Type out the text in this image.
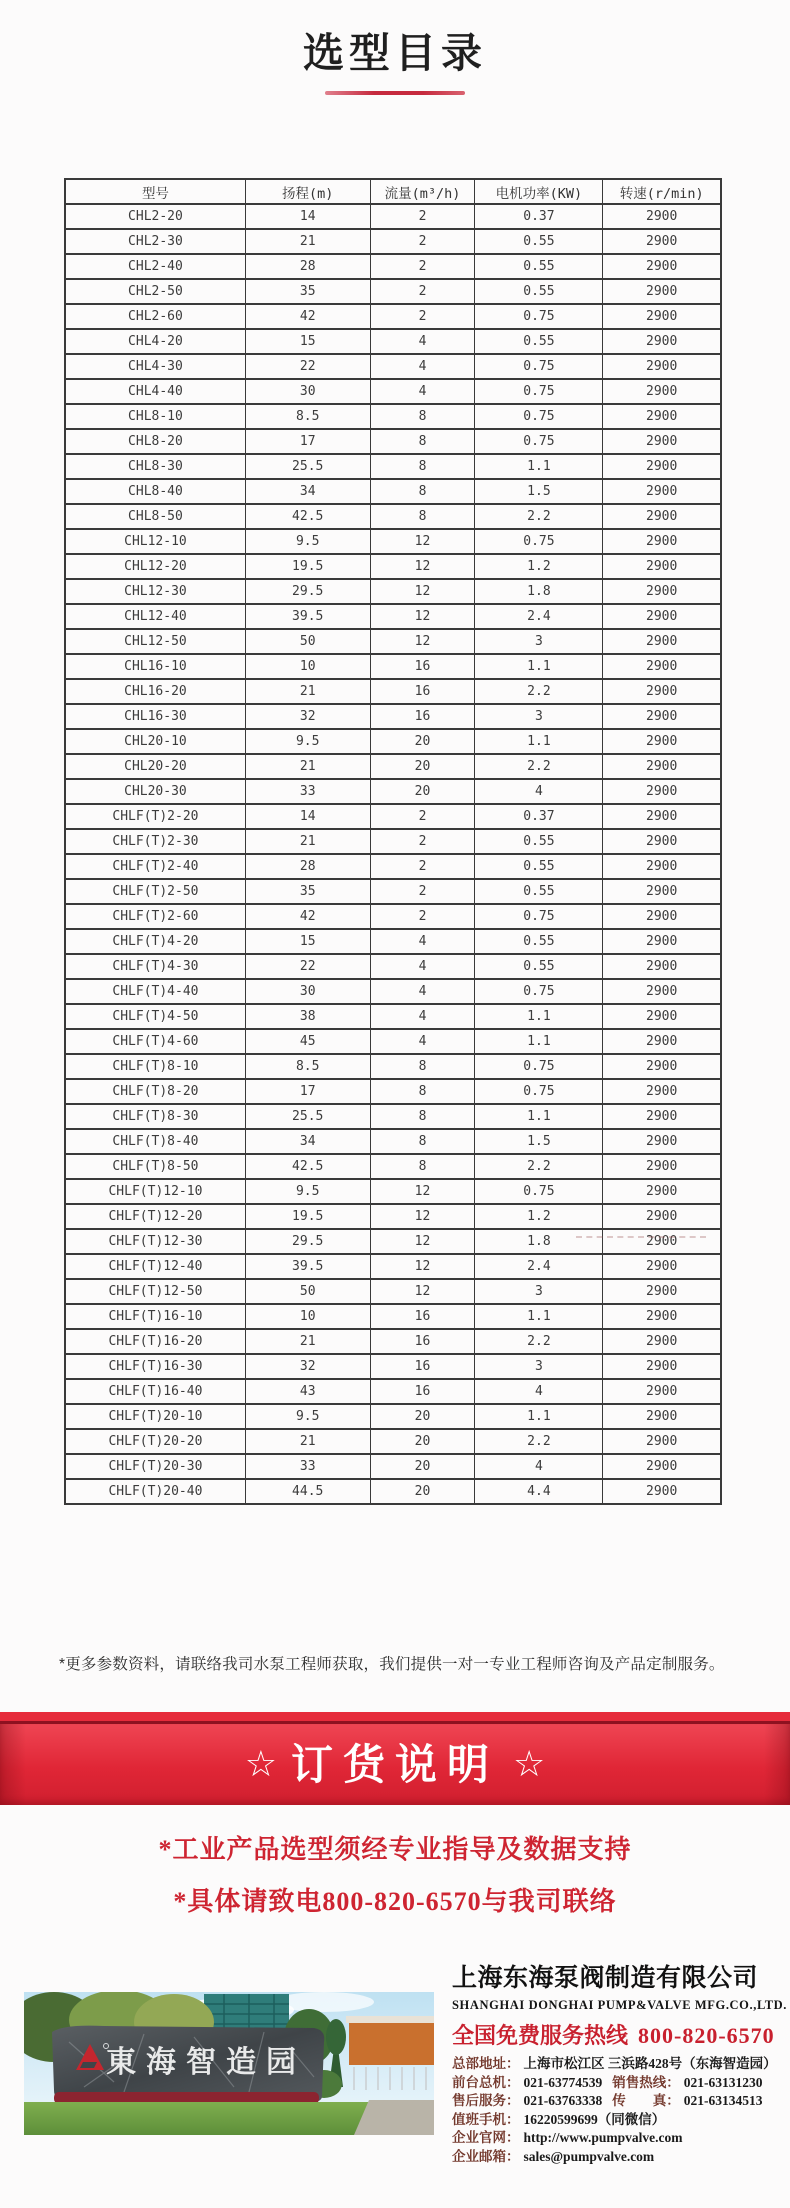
选型目录
型号	扬程(m)	流量(m³/h)	电机功率(KW)	转速(r/min)
CHL2-20	14	2	0.37	2900
CHL2-30	21	2	0.55	2900
CHL2-40	28	2	0.55	2900
CHL2-50	35	2	0.55	2900
CHL2-60	42	2	0.75	2900
CHL4-20	15	4	0.55	2900
CHL4-30	22	4	0.75	2900
CHL4-40	30	4	0.75	2900
CHL8-10	8.5	8	0.75	2900
CHL8-20	17	8	0.75	2900
CHL8-30	25.5	8	1.1	2900
CHL8-40	34	8	1.5	2900
CHL8-50	42.5	8	2.2	2900
CHL12-10	9.5	12	0.75	2900
CHL12-20	19.5	12	1.2	2900
CHL12-30	29.5	12	1.8	2900
CHL12-40	39.5	12	2.4	2900
CHL12-50	50	12	3	2900
CHL16-10	10	16	1.1	2900
CHL16-20	21	16	2.2	2900
CHL16-30	32	16	3	2900
CHL20-10	9.5	20	1.1	2900
CHL20-20	21	20	2.2	2900
CHL20-30	33	20	4	2900
CHLF(T)2-20	14	2	0.37	2900
CHLF(T)2-30	21	2	0.55	2900
CHLF(T)2-40	28	2	0.55	2900
CHLF(T)2-50	35	2	0.55	2900
CHLF(T)2-60	42	2	0.75	2900
CHLF(T)4-20	15	4	0.55	2900
CHLF(T)4-30	22	4	0.55	2900
CHLF(T)4-40	30	4	0.75	2900
CHLF(T)4-50	38	4	1.1	2900
CHLF(T)4-60	45	4	1.1	2900
CHLF(T)8-10	8.5	8	0.75	2900
CHLF(T)8-20	17	8	0.75	2900
CHLF(T)8-30	25.5	8	1.1	2900
CHLF(T)8-40	34	8	1.5	2900
CHLF(T)8-50	42.5	8	2.2	2900
CHLF(T)12-10	9.5	12	0.75	2900
CHLF(T)12-20	19.5	12	1.2	2900
CHLF(T)12-30	29.5	12	1.8	2900
CHLF(T)12-40	39.5	12	2.4	2900
CHLF(T)12-50	50	12	3	2900
CHLF(T)16-10	10	16	1.1	2900
CHLF(T)16-20	21	16	2.2	2900
CHLF(T)16-30	32	16	3	2900
CHLF(T)16-40	43	16	4	2900
CHLF(T)20-10	9.5	20	1.1	2900
CHLF(T)20-20	21	20	2.2	2900
CHLF(T)20-30	33	20	4	2900
CHLF(T)20-40	44.5	20	4.4	2900
*更多参数资料，请联络我司水泵工程师获取，我们提供一对一专业工程师咨询及产品定制服务。
☆ 订货说明 ☆
*工业产品选型须经专业指导及数据支持
*具体请致电800-820-6570与我司联络
東海智造园
上海东海泵阀制造有限公司
SHANGHAI DONGHAI PUMP&VALVE MFG.CO.,LTD.
全国免费服务热线 800-820-6570
总部地址： 上海市松江区 三浜路428号（东海智造园）
前台总机： 021-63774539 销售热线： 021-63131230
售后服务： 021-63763338 传　　真： 021-63134513
值班手机： 16220599699（同微信）
企业官网： http://www.pumpvalve.com
企业邮箱： sales@pumpvalve.com
